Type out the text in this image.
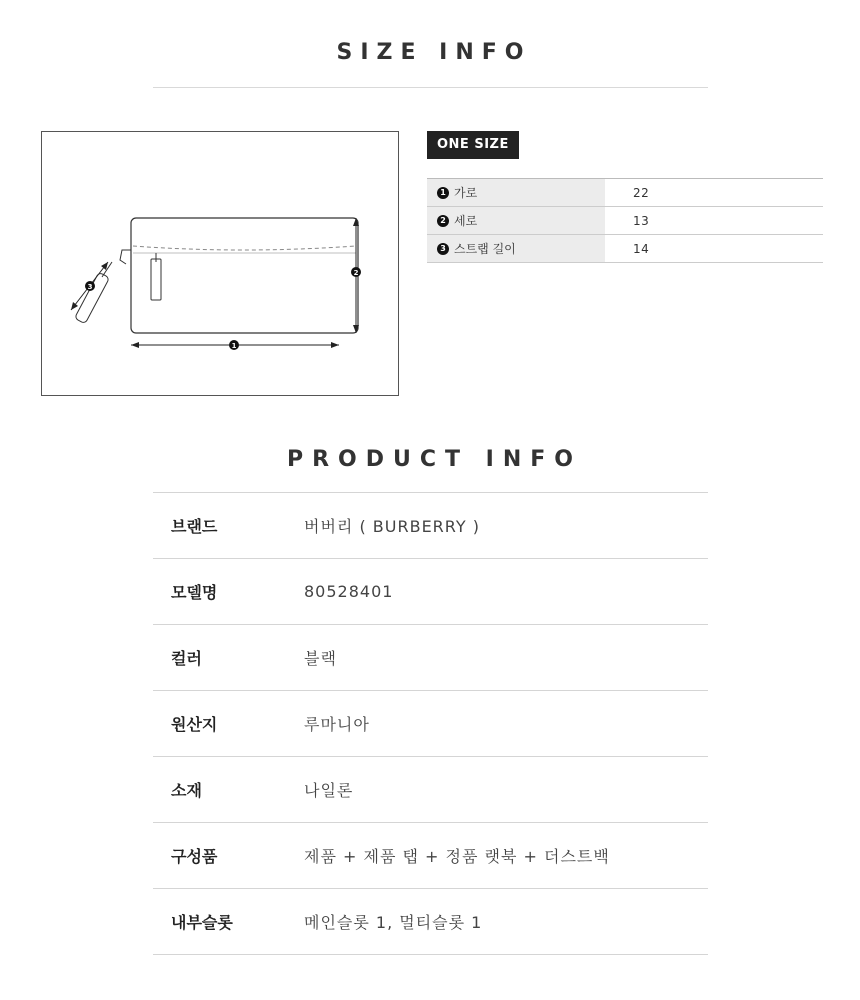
SIZE INFO
1
2
3
ONE SIZE
1 가로	22
2 세로	13
3 스트랩 길이	14
PRODUCT INFO
브랜드	버버리 ( BURBERRY )
모델명	80528401
컬러	블랙
원산지	루마니아
소재	나일론
구성품	제품 + 제품 탭 + 정품 랫북 + 더스트백
내부슬롯	메인슬롯 1, 멀티슬롯 1
